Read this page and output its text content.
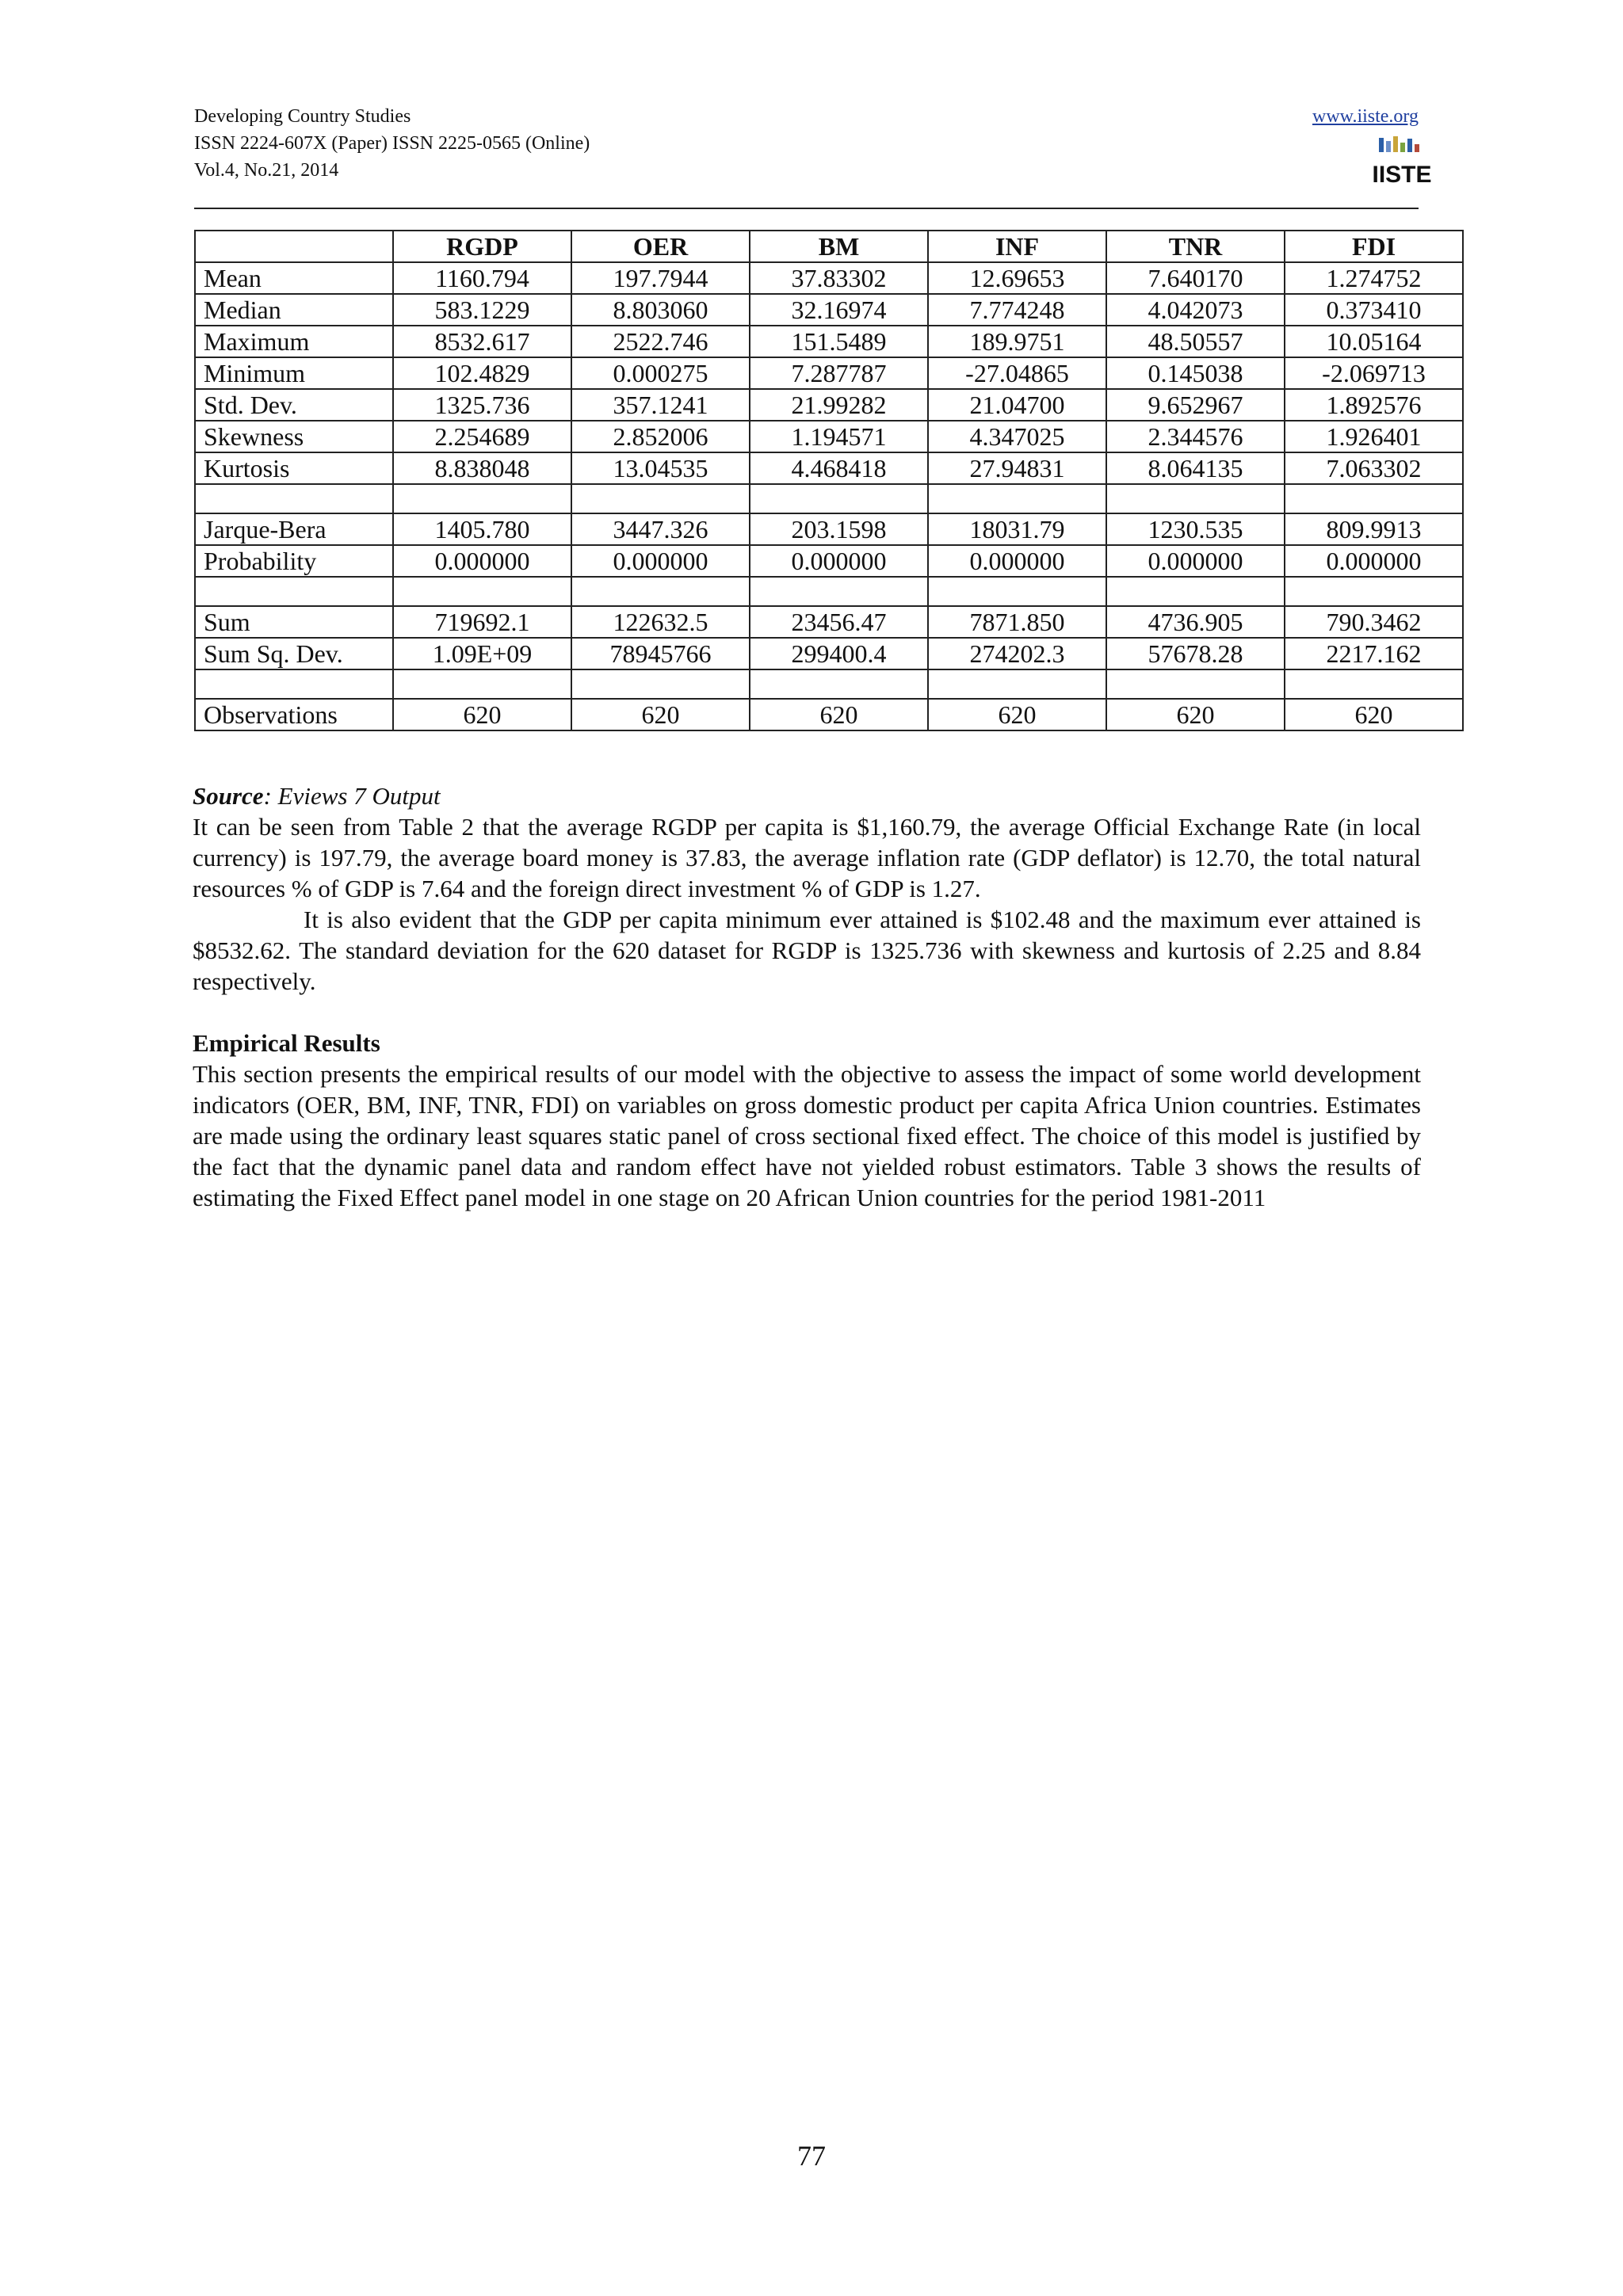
Developing Country Studies
ISSN 2224-607X (Paper) ISSN 2225-0565 (Online)
Vol.4, No.21, 2014
www.iiste.org
IISTE
	RGDP	OER	BM	INF	TNR	FDI
Mean	1160.794	197.7944	37.83302	12.69653	7.640170	1.274752
Median	583.1229	8.803060	32.16974	7.774248	4.042073	0.373410
Maximum	8532.617	2522.746	151.5489	189.9751	48.50557	10.05164
Minimum	102.4829	0.000275	7.287787	-27.04865	0.145038	-2.069713
Std. Dev.	1325.736	357.1241	21.99282	21.04700	9.652967	1.892576
Skewness	2.254689	2.852006	1.194571	4.347025	2.344576	1.926401
Kurtosis	8.838048	13.04535	4.468418	27.94831	8.064135	7.063302

Jarque-Bera	1405.780	3447.326	203.1598	18031.79	1230.535	809.9913
Probability	0.000000	0.000000	0.000000	0.000000	0.000000	0.000000

Sum	719692.1	122632.5	23456.47	7871.850	4736.905	790.3462
Sum Sq. Dev.	1.09E+09	78945766	299400.4	274202.3	57678.28	2217.162

Observations	620	620	620	620	620	620

Source: Eviews 7 Output

It can be seen from Table 2 that the average RGDP per capita is $1,160.79, the average Official Exchange Rate (in local currency) is 197.79, the average board money is 37.83, the average inflation rate (GDP deflator) is 12.70, the total natural resources % of GDP is 7.64 and the foreign direct investment % of GDP is 1.27.

It is also evident that the GDP per capita minimum ever attained is $102.48 and the maximum ever attained is $8532.62. The standard deviation for the 620 dataset for RGDP is 1325.736 with skewness and kurtosis of 2.25 and 8.84 respectively.

Empirical Results

This section presents the empirical results of our model with the objective to assess the impact of some world development indicators (OER, BM, INF, TNR, FDI) on variables on gross domestic product per capita Africa Union countries. Estimates are made using the ordinary least squares static panel of cross sectional fixed effect. The choice of this model is justified by the fact that the dynamic panel data and random effect have not yielded robust estimators. Table 3 shows the results of estimating the Fixed Effect panel model in one stage on 20 African Union countries for the period 1981-2011

77
